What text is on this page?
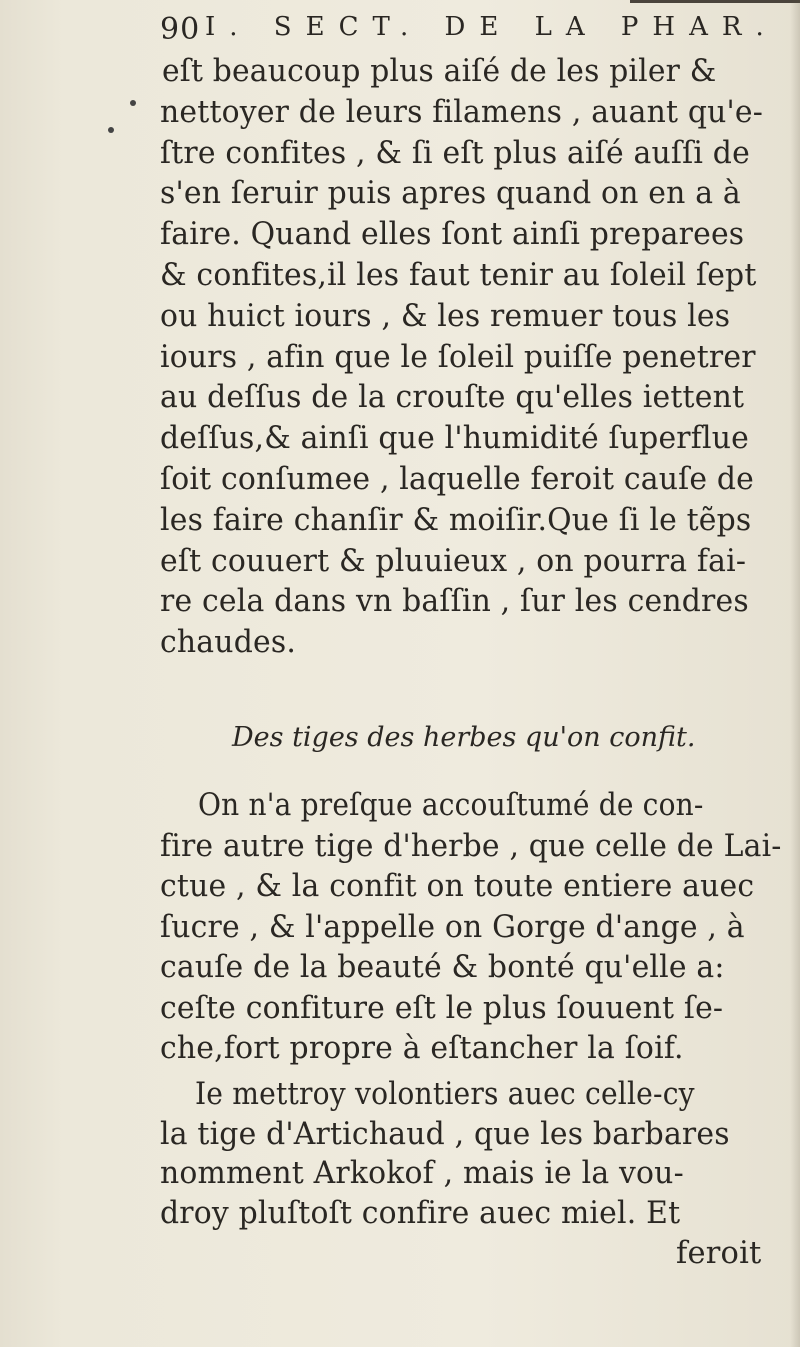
90 I. SECT. DE LA PHAR.
eſt beaucoup plus aiſé de les piler &
nettoyer de leurs filamens , auant qu'e-
ſtre confites , & ſi eſt plus aiſé auſſi de
s'en ſeruir puis apres quand on en a à
faire. Quand elles ſont ainſi preparees
& confites,il les faut tenir au ſoleil ſept
ou huict iours , & les remuer tous les
iours , afin que le ſoleil puiſſe penetrer
au deſſus de la crouſte qu'elles iettent
deſſus,& ainſi que l'humidité ſuperflue
ſoit conſumee , laquelle feroit cauſe de
les faire chanſir & moiſir.Que ſi le tẽps
eſt couuert & pluuieux , on pourra fai-
re cela dans vn baſſin , ſur les cendres
chaudes.
Des tiges des herbes qu'on confit.
On n'a preſque accouſtumé de con-
fire autre tige d'herbe , que celle de Lai-
ctue , & la confit on toute entiere auec
ſucre , & l'appelle on Gorge d'ange , à
cauſe de la beauté & bonté qu'elle a:
ceſte confiture eſt le plus ſouuent ſe-
che,fort propre à eſtancher la ſoif.
Ie mettroy volontiers auec celle-cy
la tige d'Artichaud , que les barbares
nomment Arkokof , mais ie la vou-
droy pluſtoſt confire auec miel. Et
feroit
